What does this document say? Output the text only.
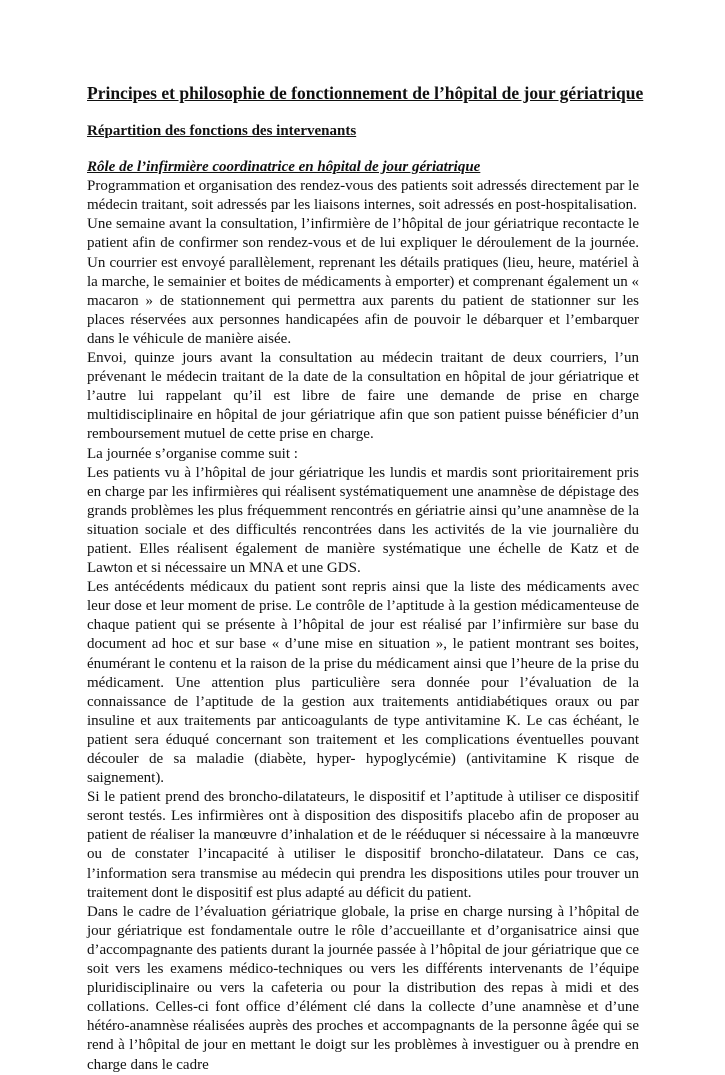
Principes et philosophie de fonctionnement de l’hôpital de jour gériatrique
Répartition des fonctions des intervenants
Rôle de l’infirmière coordinatrice en hôpital de jour gériatrique

Programmation et organisation des rendez-vous des patients soit adressés directement par le médecin traitant, soit adressés par les liaisons internes, soit adressés en post-hospitalisation.

Une semaine avant la consultation, l’infirmière de l’hôpital de jour gériatrique recontacte le patient afin de confirmer son rendez-vous et de lui expliquer le déroulement de la journée. Un courrier est envoyé parallèlement, reprenant les détails pratiques (lieu, heure, matériel à la marche, le semainier et boites de médicaments à emporter) et comprenant également un « macaron » de stationnement qui permettra aux parents du patient de stationner sur les places réservées aux personnes handicapées afin de pouvoir le débarquer et l’embarquer dans le véhicule de manière aisée.

Envoi, quinze jours avant la consultation au médecin traitant de deux courriers, l’un prévenant le médecin traitant de la date de la consultation en hôpital de jour gériatrique et l’autre lui rappelant qu’il est libre de faire une demande de prise en charge multidisciplinaire en hôpital de jour gériatrique afin que son patient puisse bénéficier d’un remboursement mutuel de cette prise en charge.

La journée s’organise comme suit :

Les patients vu à l’hôpital de jour gériatrique les lundis et mardis sont prioritairement pris en charge par les infirmières qui réalisent systématiquement une anamnèse de dépistage des grands problèmes les plus fréquemment rencontrés en gériatrie ainsi qu’une anamnèse de la situation sociale et des difficultés rencontrées dans les activités de la vie journalière du patient. Elles réalisent également de manière systématique une échelle de Katz et de Lawton et si nécessaire un MNA et une GDS.

Les antécédents médicaux du patient sont repris ainsi que la liste des médicaments avec leur dose et leur moment de prise. Le contrôle de l’aptitude à la gestion médicamenteuse de chaque patient qui se présente à l’hôpital de jour est réalisé par l’infirmière sur base du document ad hoc et sur base « d’une mise en situation », le patient montrant ses boites, énumérant le contenu et la raison de la prise du médicament ainsi que l’heure de la prise du médicament. Une attention plus particulière sera donnée pour l’évaluation de la connaissance de l’aptitude de la gestion aux traitements antidiabétiques oraux ou par insuline et aux traitements par anticoagulants de type antivitamine K. Le cas échéant, le patient sera éduqué concernant son traitement et les complications éventuelles pouvant découler de sa maladie (diabète, hyper- hypoglycémie) (antivitamine K risque de saignement).

Si le patient prend des broncho-dilatateurs, le dispositif et l’aptitude à utiliser ce dispositif seront testés. Les infirmières ont à disposition des dispositifs placebo afin de proposer au patient de réaliser la manœuvre d’inhalation et de le rééduquer si nécessaire à la manœuvre ou de constater l’incapacité à utiliser le dispositif broncho-dilatateur. Dans ce cas, l’information sera transmise au médecin qui prendra les dispositions utiles pour trouver un traitement dont le dispositif est plus adapté au déficit du patient.

Dans le cadre de l’évaluation gériatrique globale, la prise en charge nursing à l’hôpital de jour gériatrique est fondamentale outre le rôle d’accueillante et d’organisatrice ainsi que d’accompagnante des patients durant la journée passée à l’hôpital de jour gériatrique que ce soit vers les examens médico-techniques ou vers les différents intervenants de l’équipe pluridisciplinaire ou vers la cafeteria ou pour la distribution des repas à midi et des collations. Celles-ci font office d’élément clé dans la collecte d’une anamnèse et d’une hétéro-anamnèse réalisées auprès des proches et accompagnants de la personne âgée qui se rend à l’hôpital de jour en mettant le doigt sur les problèmes à investiguer ou à prendre en charge dans le cadre
